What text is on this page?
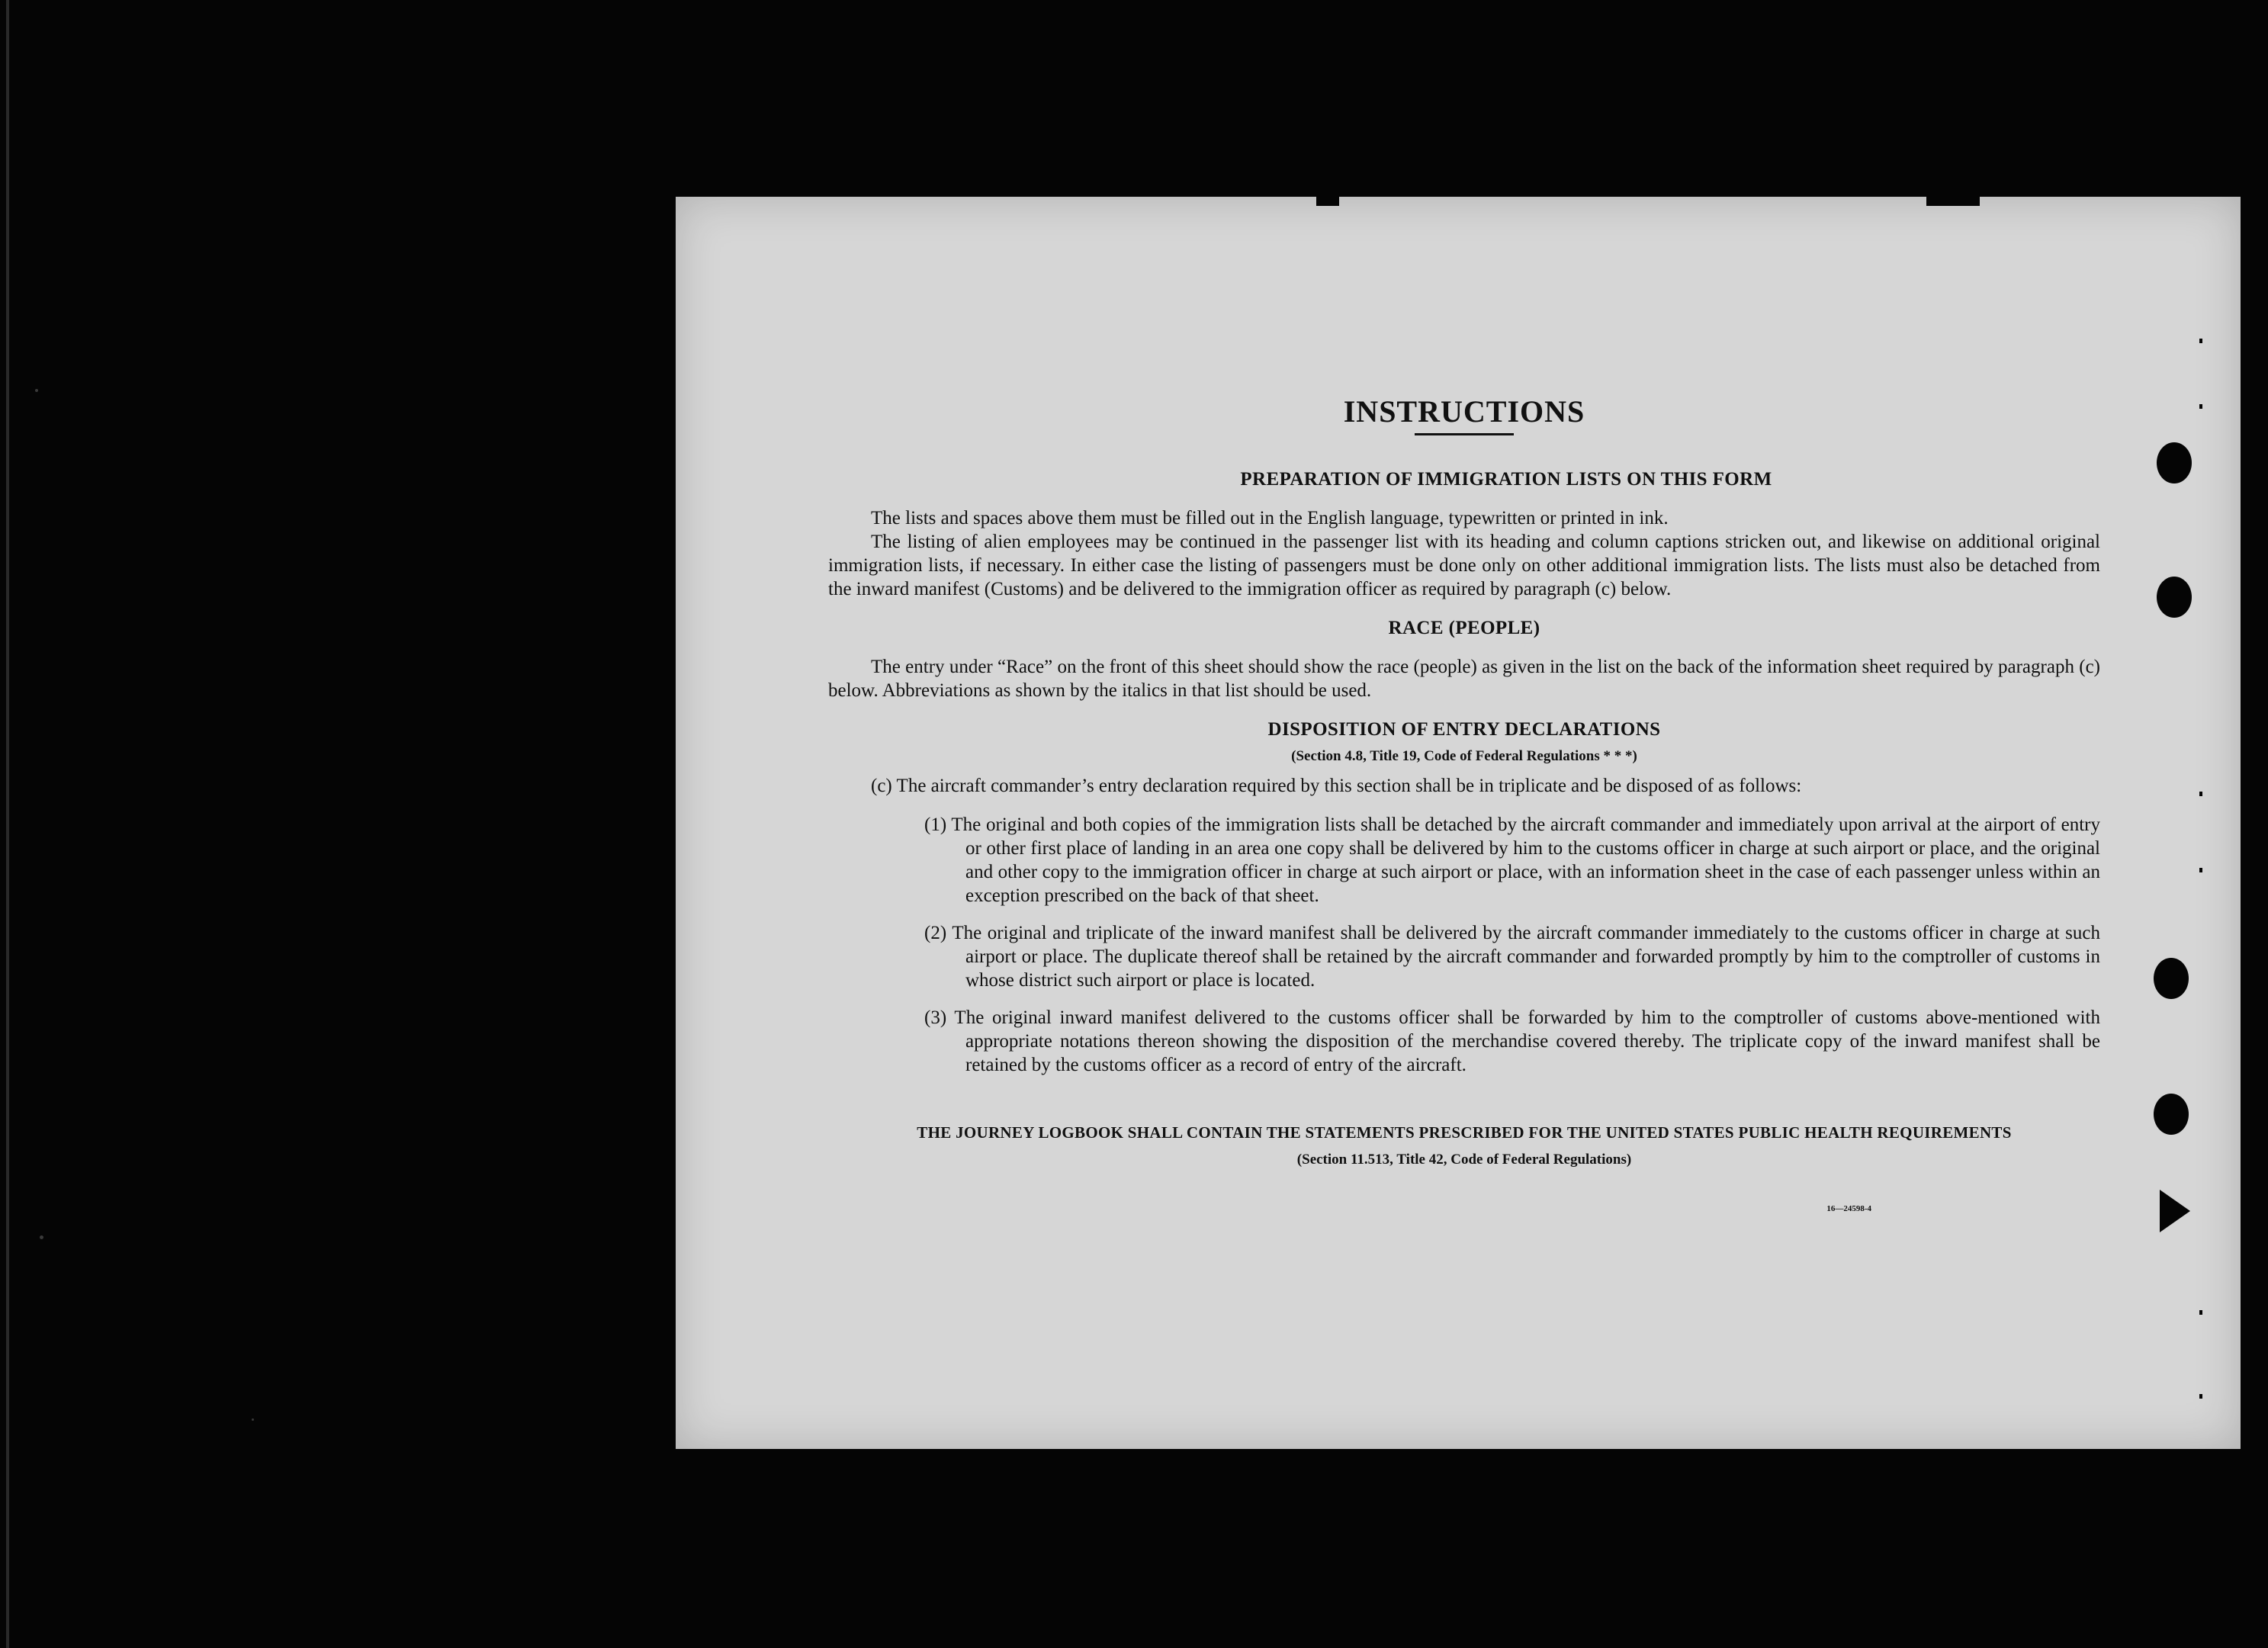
INSTRUCTIONS
PREPARATION OF IMMIGRATION LISTS ON THIS FORM

The lists and spaces above them must be filled out in the English language, typewritten or printed in ink.

The listing of alien employees may be continued in the passenger list with its heading and column captions stricken out, and likewise on additional original immigration lists, if necessary. In either case the listing of passengers must be done only on other additional immigration lists. The lists must also be detached from the inward manifest (Customs) and be delivered to the immigration officer as required by paragraph (c) below.

RACE (PEOPLE)

The entry under “Race” on the front of this sheet should show the race (people) as given in the list on the back of the information sheet required by paragraph (c) below. Abbreviations as shown by the italics in that list should be used.

DISPOSITION OF ENTRY DECLARATIONS
(Section 4.8, Title 19, Code of Federal Regulations * * *)

(c) The aircraft commander’s entry declaration required by this section shall be in triplicate and be disposed of as follows:

(1) The original and both copies of the immigration lists shall be detached by the aircraft commander and immediately upon arrival at the airport of entry or other first place of landing in an area one copy shall be delivered by him to the customs officer in charge at such airport or place, and the original and other copy to the immigration officer in charge at such airport or place, with an information sheet in the case of each passenger unless within an exception prescribed on the back of that sheet.

(2) The original and triplicate of the inward manifest shall be delivered by the aircraft commander immediately to the customs officer in charge at such airport or place. The duplicate thereof shall be retained by the aircraft commander and forwarded promptly by him to the comptroller of customs in whose district such airport or place is located.

(3) The original inward manifest delivered to the customs officer shall be forwarded by him to the comptroller of customs above-mentioned with appropriate notations thereon showing the disposition of the merchandise covered thereby. The triplicate copy of the inward manifest shall be retained by the customs officer as a record of entry of the aircraft.

THE JOURNEY LOGBOOK SHALL CONTAIN THE STATEMENTS PRESCRIBED FOR THE UNITED STATES PUBLIC HEALTH REQUIREMENTS
(Section 11.513, Title 42, Code of Federal Regulations)
16—24598-4
